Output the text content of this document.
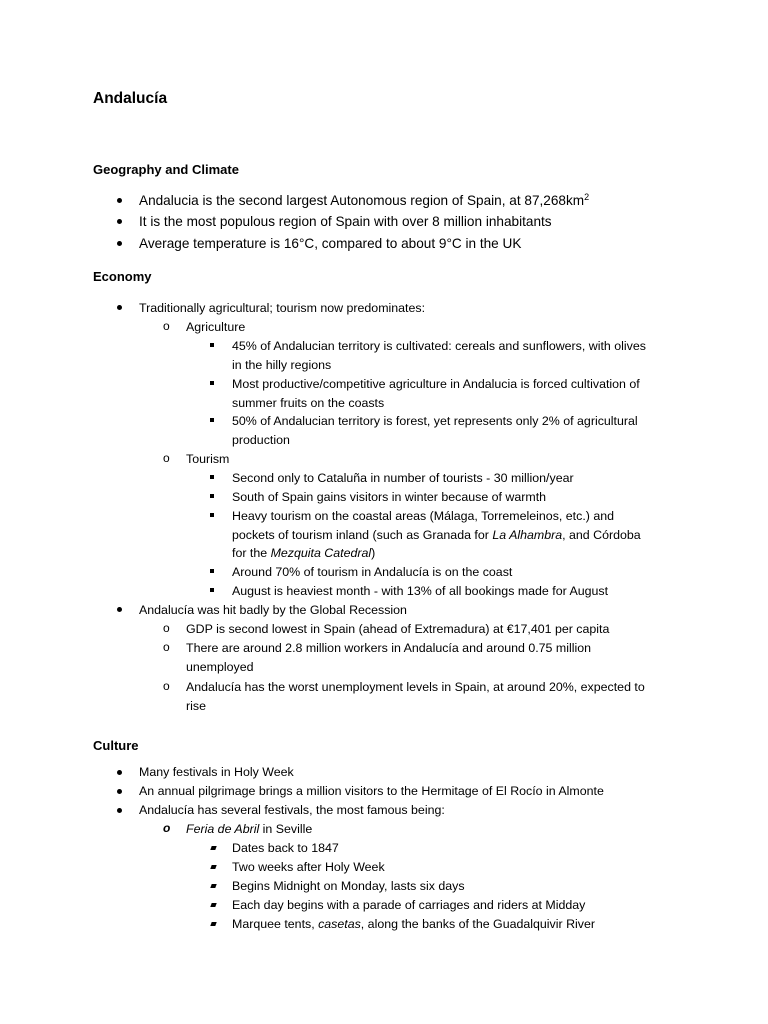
Andalucía
Geography and Climate
Andalucia is the second largest Autonomous region of Spain, at $87,268km^2$
It is the most populous region of Spain with over 8 million inhabitants
Average temperature is 16°C, compared to about 9°C in the UK
Economy
Traditionally agricultural; tourism now predominates:
o Agriculture
45% of Andalucian territory is cultivated: cereals and sunflowers, with olives
in the hilly regions
Most productive/competitive agriculture in Andalucia is forced cultivation of
summer fruits on the coasts
50% of Andalucian territory is forest, yet represents only 2% of agricultural
production
o Tourism
Second only to Cataluña in number of tourists - 30 million/year
South of Spain gains visitors in winter because of warmth
Heavy tourism on the coastal areas (Málaga, Torremeleinos, etc.) and
pockets of tourism inland (such as Granada for La Alhambra, and Córdoba
for the Mezquita Catedral)
Around 70% of tourism in Andalucía is on the coast
August is heaviest month - with 13% of all bookings made for August
Andalucía was hit badly by the Global Recession
o GDP is second lowest in Spain (ahead of Extremadura) at €17,401 per capita
o There are around 2.8 million workers in Andalucía and around 0.75 million
unemployed
o Andalucía has the worst unemployment levels in Spain, at around 20%, expected to
rise
Culture
Many festivals in Holy Week
An annual pilgrimage brings a million visitors to the Hermitage of El Rocío in Almonte
Andalucía has several festivals, the most famous being:
o Feria de Abril in Seville
Dates back to 1847
Two weeks after Holy Week
Begins Midnight on Monday, lasts six days
Each day begins with a parade of carriages and riders at Midday
Marquee tents, casetas, along the banks of the Guadalquivir River
